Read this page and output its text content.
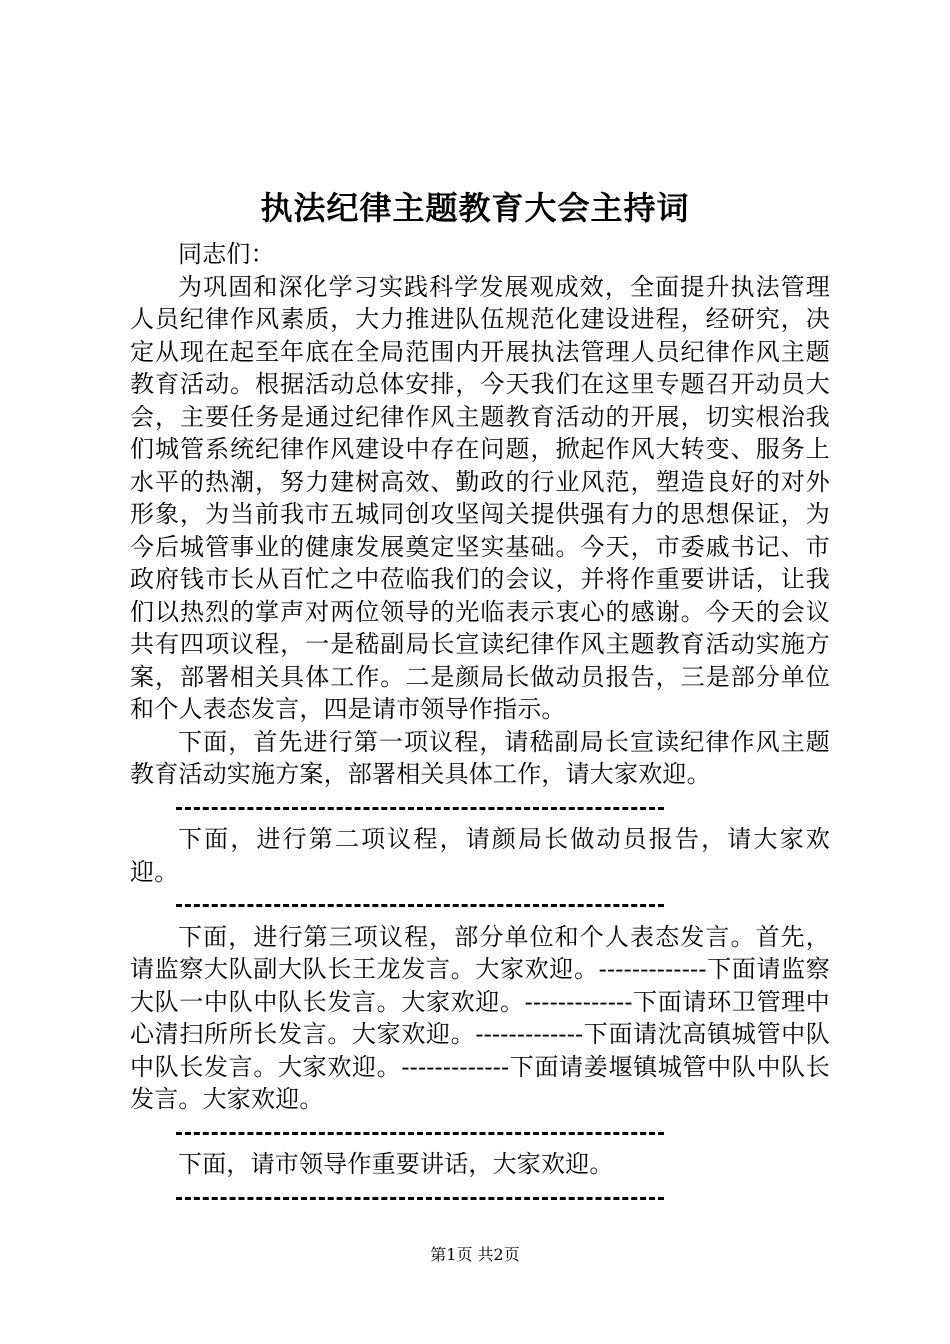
执法纪律主题教育大会主持词

同志们：

为巩固和深化学习实践科学发展观成效，全面提升执法管理人员纪律作风素质，大力推进队伍规范化建设进程，经研究，决定从现在起至年底在全局范围内开展执法管理人员纪律作风主题教育活动。根据活动总体安排，今天我们在这里专题召开动员大会，主要任务是通过纪律作风主题教育活动的开展，切实根治我们城管系统纪律作风建设中存在问题，掀起作风大转变、服务上水平的热潮，努力建树高效、勤政的行业风范，塑造良好的对外形象，为当前我市五城同创攻坚闯关提供强有力的思想保证，为今后城管事业的健康发展奠定坚实基础。今天，市委戚书记、市政府钱市长从百忙之中莅临我们的会议，并将作重要讲话，让我们以热烈的掌声对两位领导的光临表示衷心的感谢。今天的会议共有四项议程，一是嵇副局长宣读纪律作风主题教育活动实施方案，部署相关具体工作。二是颜局长做动员报告，三是部分单位和个人表态发言，四是请市领导作指示。

下面，首先进行第一项议程，请嵇副局长宣读纪律作风主题教育活动实施方案，部署相关具体工作，请大家欢迎。

下面，进行第二项议程，请颜局长做动员报告，请大家欢迎。

下面，进行第三项议程，部分单位和个人表态发言。首先，请监察大队副大队长王龙发言。大家欢迎。-------------下面请监察大队一中队中队长发言。大家欢迎。-------------下面请环卫管理中心清扫所所长发言。大家欢迎。-------------下面请沈高镇城管中队中队长发言。大家欢迎。-------------下面请姜堰镇城管中队中队长发言。大家欢迎。

下面，请市领导作重要讲话，大家欢迎。

第1页 共2页
